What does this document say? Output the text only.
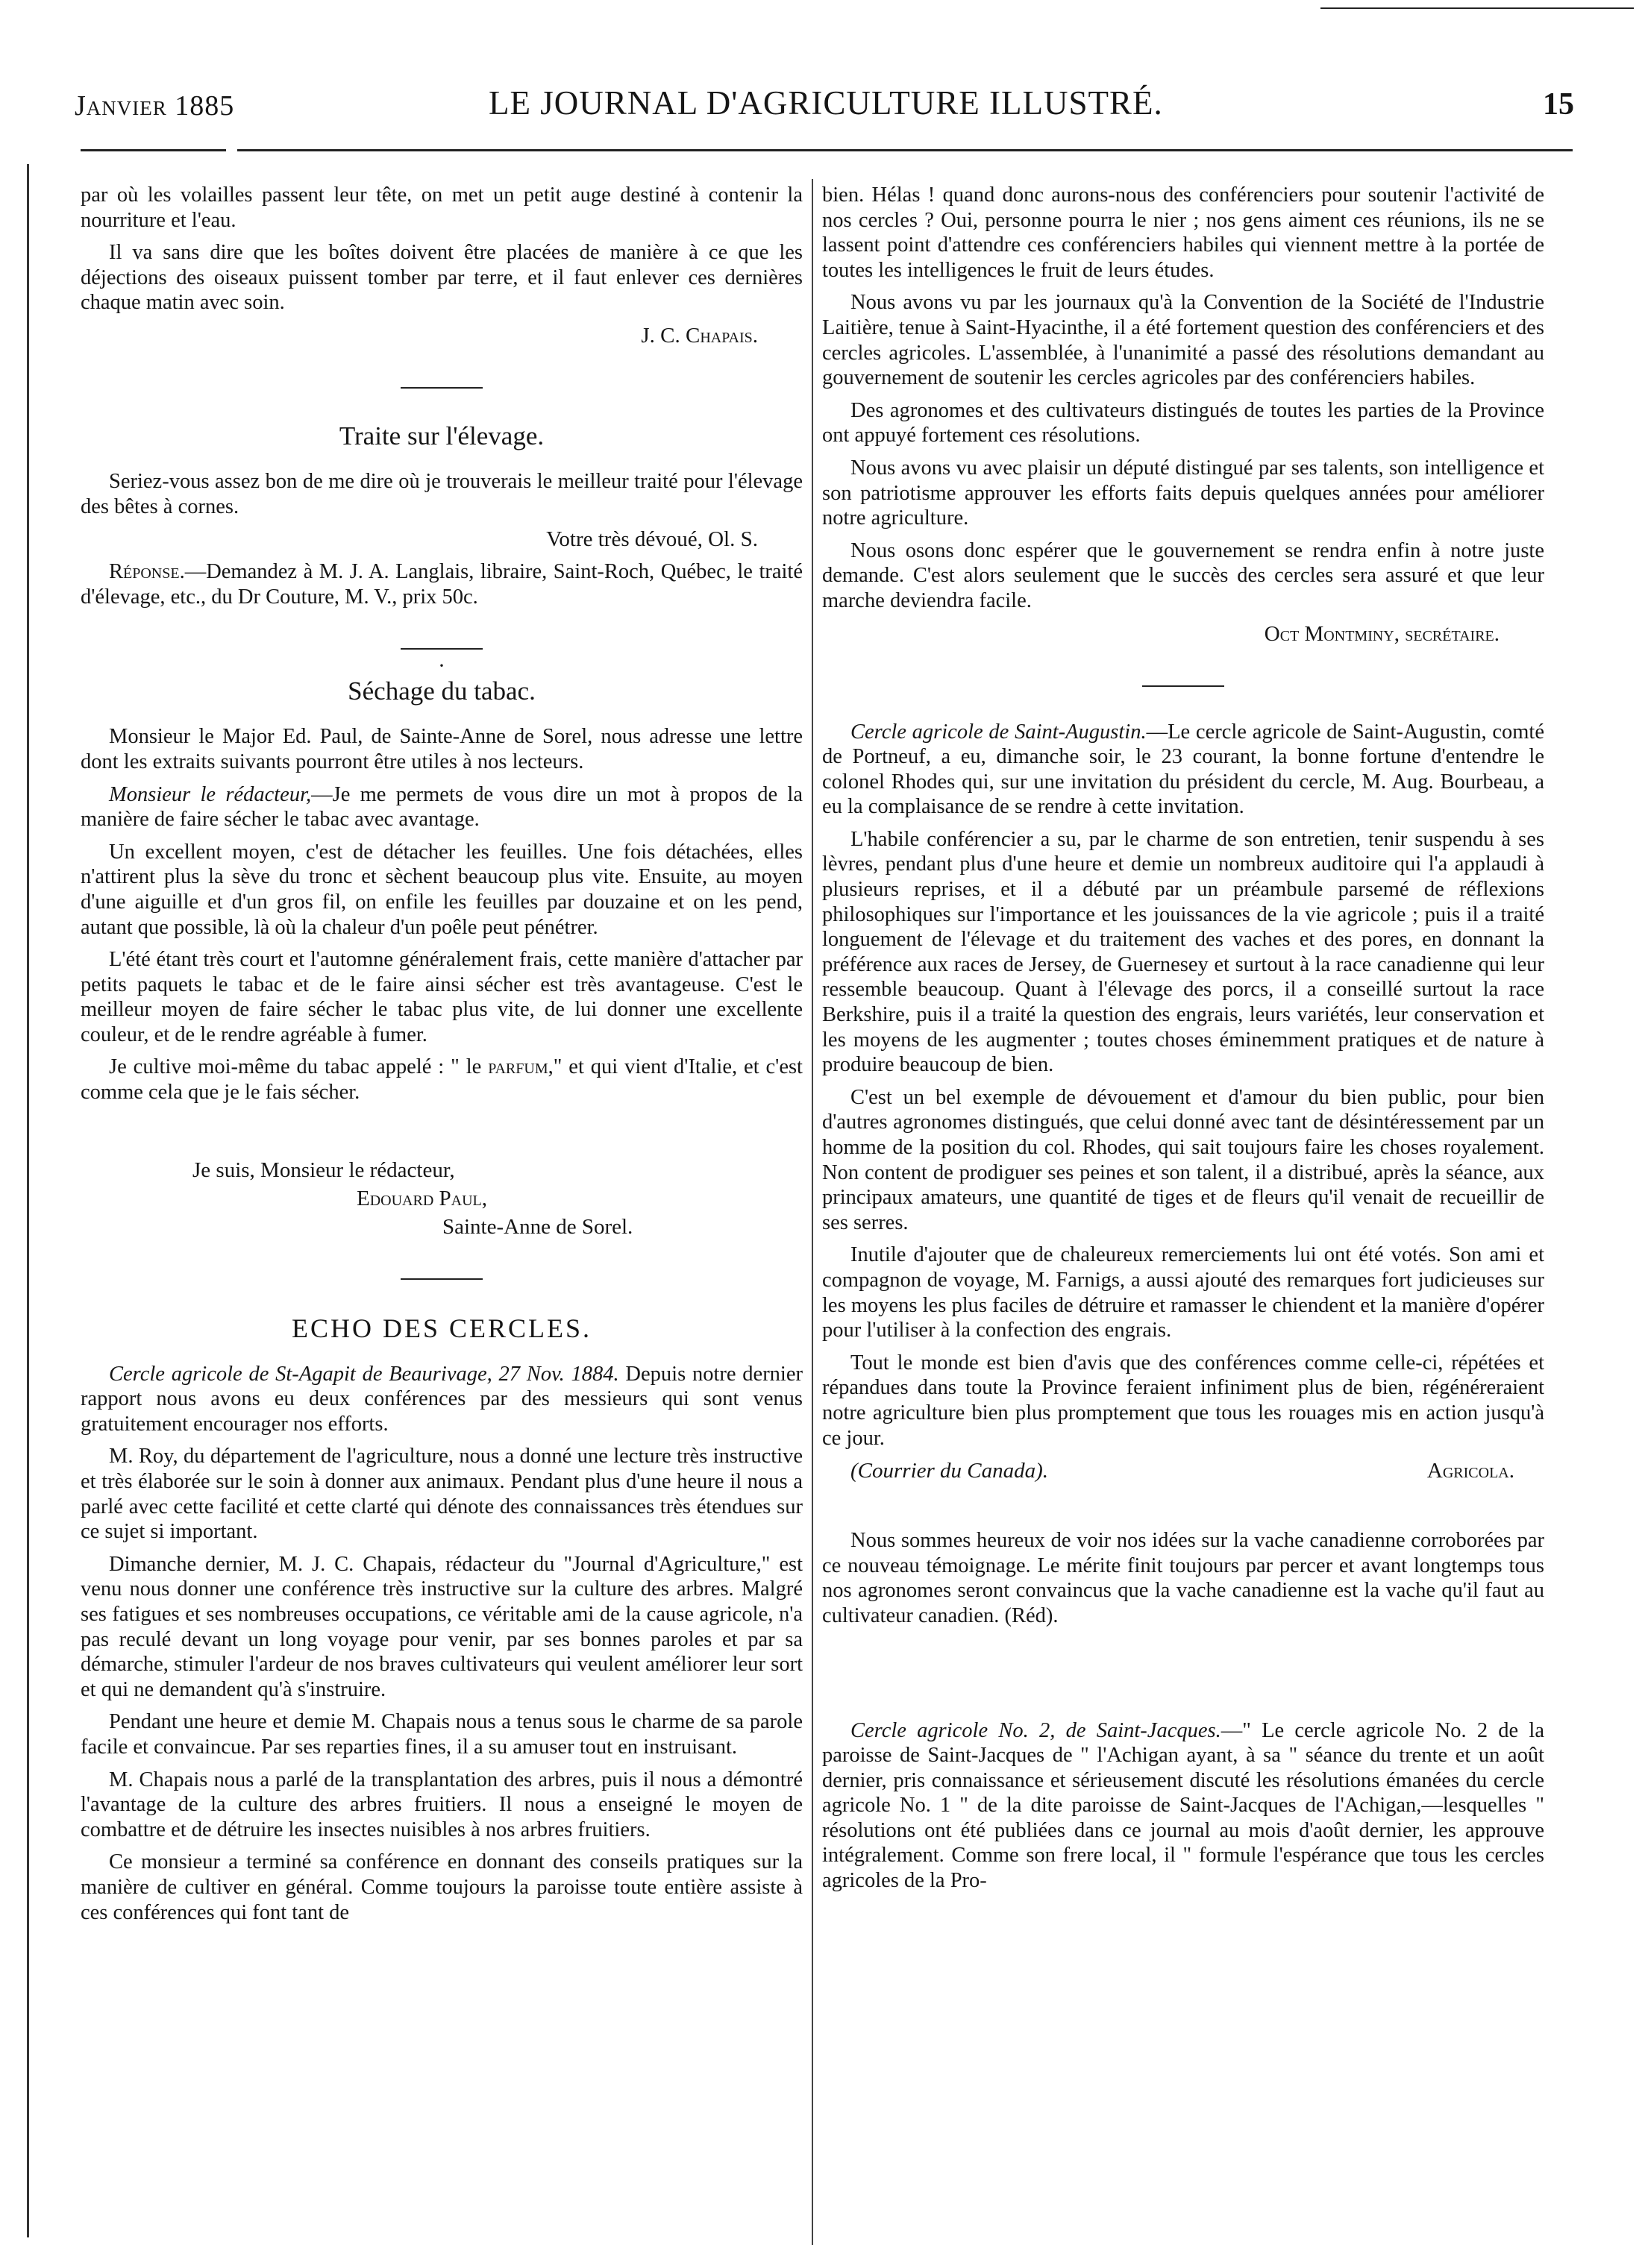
Janvier 1885	LE JOURNAL D'AGRICULTURE ILLUSTRÉ.	15

par où les volailles passent leur tête, on met un petit auge destiné à contenir la nourriture et l'eau.

Il va sans dire que les boîtes doivent être placées de manière à ce que les déjections des oiseaux puissent tomber par terre, et il faut enlever ces dernières chaque matin avec soin.

J. C. Chapais.
Traite sur l'élevage.

Seriez-vous assez bon de me dire où je trouverais le meilleur traité pour l'élevage des bêtes à cornes.

Votre très dévoué, Ol. S.

Réponse.—Demandez à M. J. A. Langlais, libraire, Saint-Roch, Québec, le traité d'élevage, etc., du Dr Couture, M. V., prix 50c.

·
Séchage du tabac.

Monsieur le Major Ed. Paul, de Sainte-Anne de Sorel, nous adresse une lettre dont les extraits suivants pourront être utiles à nos lecteurs.

Monsieur le rédacteur,—Je me permets de vous dire un mot à propos de la manière de faire sécher le tabac avec avantage.

Un excellent moyen, c'est de détacher les feuilles. Une fois détachées, elles n'attirent plus la sève du tronc et sèchent beaucoup plus vite. Ensuite, au moyen d'une aiguille et d'un gros fil, on enfile les feuilles par douzaine et on les pend, autant que possible, là où la chaleur d'un poêle peut pénétrer.

L'été étant très court et l'automne généralement frais, cette manière d'attacher par petits paquets le tabac et de le faire ainsi sécher est très avantageuse. C'est le meilleur moyen de faire sécher le tabac plus vite, de lui donner une excellente couleur, et de le rendre agréable à fumer.

Je cultive moi-même du tabac appelé : " le parfum," et qui vient d'Italie, et c'est comme cela que je le fais sécher.

Je suis, Monsieur le rédacteur,
Edouard Paul,
Sainte-Anne de Sorel.
ECHO DES CERCLES.

Cercle agricole de St-Agapit de Beaurivage, 27 Nov. 1884. Depuis notre dernier rapport nous avons eu deux conférences par des messieurs qui sont venus gratuitement encourager nos efforts.

M. Roy, du département de l'agriculture, nous a donné une lecture très instructive et très élaborée sur le soin à donner aux animaux. Pendant plus d'une heure il nous a parlé avec cette facilité et cette clarté qui dénote des connaissances très étendues sur ce sujet si important.

Dimanche dernier, M. J. C. Chapais, rédacteur du "Journal d'Agriculture," est venu nous donner une conférence très instructive sur la culture des arbres. Malgré ses fatigues et ses nombreuses occupations, ce véritable ami de la cause agricole, n'a pas reculé devant un long voyage pour venir, par ses bonnes paroles et par sa démarche, stimuler l'ardeur de nos braves cultivateurs qui veulent améliorer leur sort et qui ne demandent qu'à s'instruire.

Pendant une heure et demie M. Chapais nous a tenus sous le charme de sa parole facile et convaincue. Par ses reparties fines, il a su amuser tout en instruisant.

M. Chapais nous a parlé de la transplantation des arbres, puis il nous a démontré l'avantage de la culture des arbres fruitiers. Il nous a enseigné le moyen de combattre et de détruire les insectes nuisibles à nos arbres fruitiers.

Ce monsieur a terminé sa conférence en donnant des conseils pratiques sur la manière de cultiver en général. Comme toujours la paroisse toute entière assiste à ces conférences qui font tant de

bien. Hélas ! quand donc aurons-nous des conférenciers pour soutenir l'activité de nos cercles ? Oui, personne pourra le nier ; nos gens aiment ces réunions, ils ne se lassent point d'attendre ces conférenciers habiles qui viennent mettre à la portée de toutes les intelligences le fruit de leurs études.

Nous avons vu par les journaux qu'à la Convention de la Société de l'Industrie Laitière, tenue à Saint-Hyacinthe, il a été fortement question des conférenciers et des cercles agricoles. L'assemblée, à l'unanimité a passé des résolutions demandant au gouvernement de soutenir les cercles agricoles par des conférenciers habiles.

Des agronomes et des cultivateurs distingués de toutes les parties de la Province ont appuyé fortement ces résolutions.

Nous avons vu avec plaisir un député distingué par ses talents, son intelligence et son patriotisme approuver les efforts faits depuis quelques années pour améliorer notre agriculture.

Nous osons donc espérer que le gouvernement se rendra enfin à notre juste demande. C'est alors seulement que le succès des cercles sera assuré et que leur marche deviendra facile.

Oct Montminy, secrétaire.

Cercle agricole de Saint-Augustin.—Le cercle agricole de Saint-Augustin, comté de Portneuf, a eu, dimanche soir, le 23 courant, la bonne fortune d'entendre le colonel Rhodes qui, sur une invitation du président du cercle, M. Aug. Bourbeau, a eu la complaisance de se rendre à cette invitation.

L'habile conférencier a su, par le charme de son entretien, tenir suspendu à ses lèvres, pendant plus d'une heure et demie un nombreux auditoire qui l'a applaudi à plusieurs reprises, et il a débuté par un préambule parsemé de réflexions philosophiques sur l'importance et les jouissances de la vie agricole ; puis il a traité longuement de l'élevage et du traitement des vaches et des pores, en donnant la préférence aux races de Jersey, de Guernesey et surtout à la race canadienne qui leur ressemble beaucoup. Quant à l'élevage des porcs, il a conseillé surtout la race Berkshire, puis il a traité la question des engrais, leurs variétés, leur conservation et les moyens de les augmenter ; toutes choses éminemment pratiques et de nature à produire beaucoup de bien.

C'est un bel exemple de dévouement et d'amour du bien public, pour bien d'autres agronomes distingués, que celui donné avec tant de désintéressement par un homme de la position du col. Rhodes, qui sait toujours faire les choses royalement. Non content de prodiguer ses peines et son talent, il a distribué, après la séance, aux principaux amateurs, une quantité de tiges et de fleurs qu'il venait de recueillir de ses serres.

Inutile d'ajouter que de chaleureux remerciements lui ont été votés. Son ami et compagnon de voyage, M. Farnigs, a aussi ajouté des remarques fort judicieuses sur les moyens les plus faciles de détruire et ramasser le chiendent et la manière d'opérer pour l'utiliser à la confection des engrais.

Tout le monde est bien d'avis que des conférences comme celle-ci, répétées et répandues dans toute la Province feraient infiniment plus de bien, régénéreraient notre agriculture bien plus promptement que tous les rouages mis en action jusqu'à ce jour.

(Courrier du Canada).	Agricola.

Nous sommes heureux de voir nos idées sur la vache canadienne corroborées par ce nouveau témoignage. Le mérite finit toujours par percer et avant longtemps tous nos agronomes seront convaincus que la vache canadienne est la vache qu'il faut au cultivateur canadien. (Réd).

Cercle agricole No. 2, de Saint-Jacques.—" Le cercle agricole No. 2 de la paroisse de Saint-Jacques de " l'Achigan ayant, à sa " séance du trente et un août dernier, pris connaissance et sérieusement discuté les résolutions émanées du cercle agricole No. 1 " de la dite paroisse de Saint-Jacques de l'Achigan,—lesquelles " résolutions ont été publiées dans ce journal au mois d'août dernier, les approuve intégralement. Comme son frere local, il " formule l'espérance que tous les cercles agricoles de la Pro-
